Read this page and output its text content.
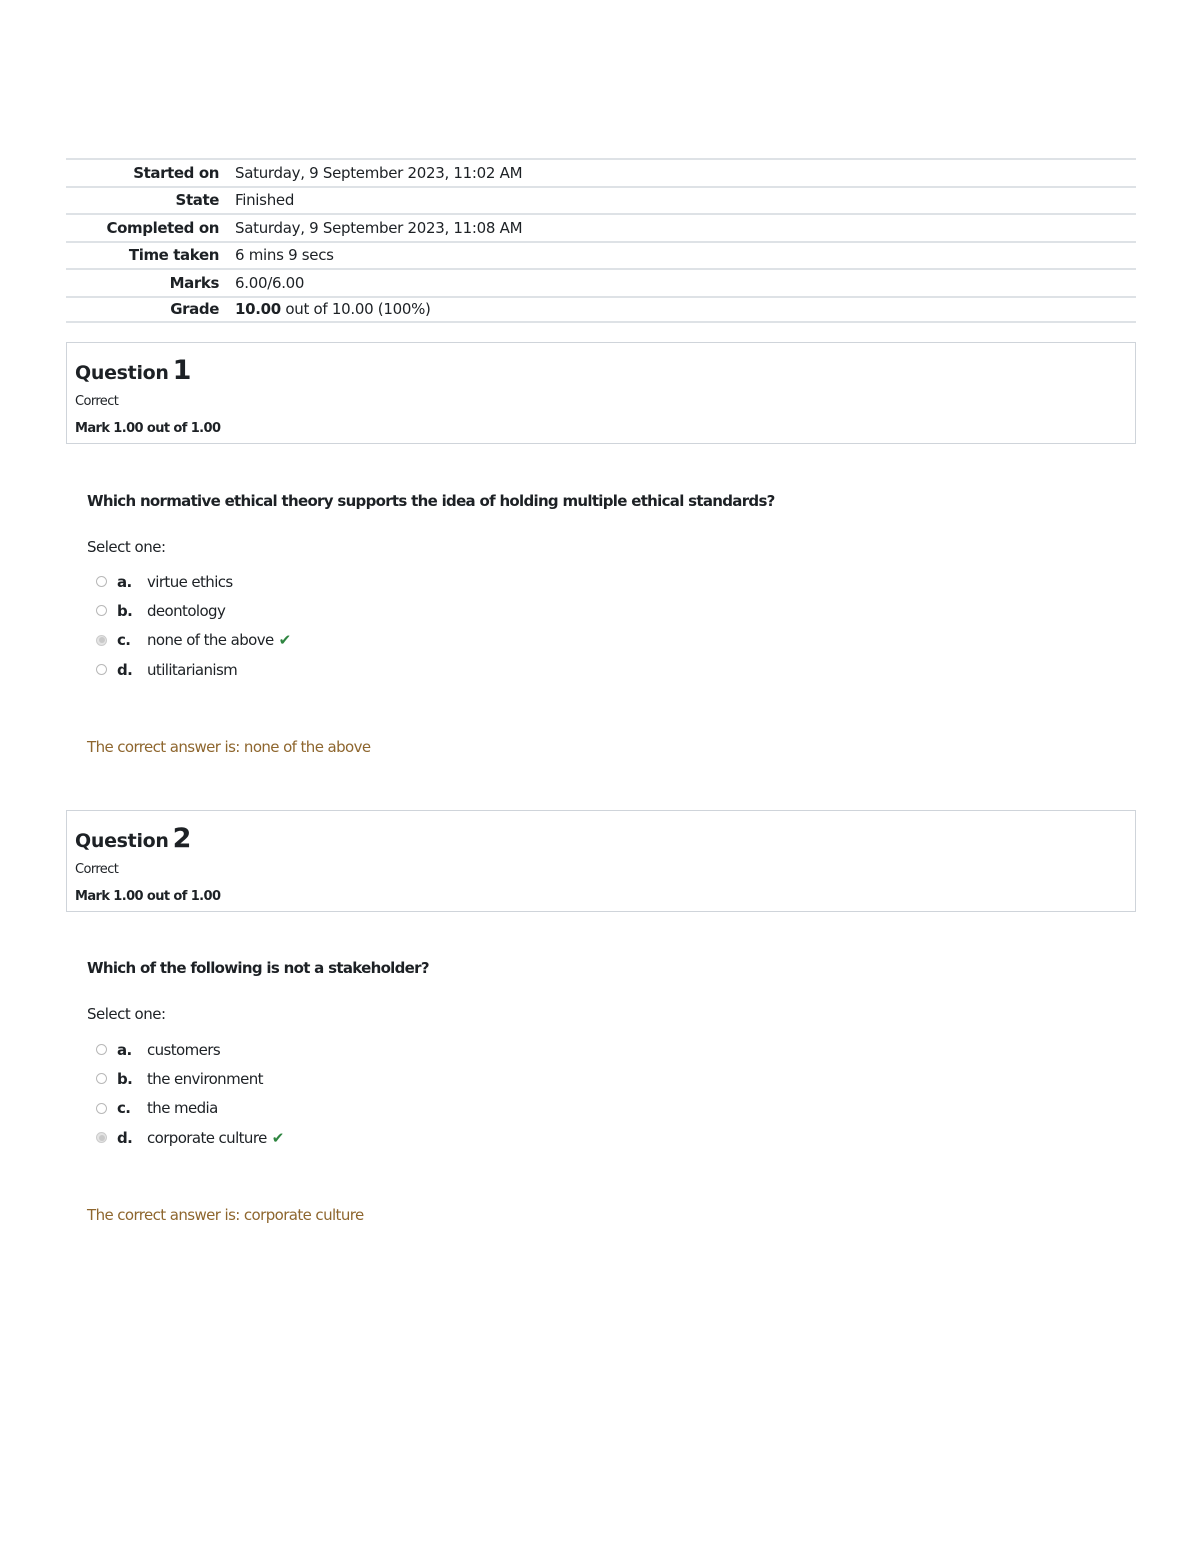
Started on	Saturday, 9 September 2023, 11:02 AM
State	Finished
Completed on	Saturday, 9 September 2023, 11:08 AM
Time taken	6 mins 9 secs
Marks	6.00/6.00
Grade	10.00 out of 10.00 (100%)
Question 1
Correct
Mark 1.00 out of 1.00
Which normative ethical theory supports the idea of holding multiple ethical standards?
Select one:
a.	virtue ethics
b. deontology
c.	none of the above ✔
d. utilitarianism
The correct answer is: none of the above
Question 2
Correct
Mark 1.00 out of 1.00
Which of the following is not a stakeholder?
Select one:
a.	customers
b. the environment
c.	the media
d. corporate culture ✔
The correct answer is: corporate culture
